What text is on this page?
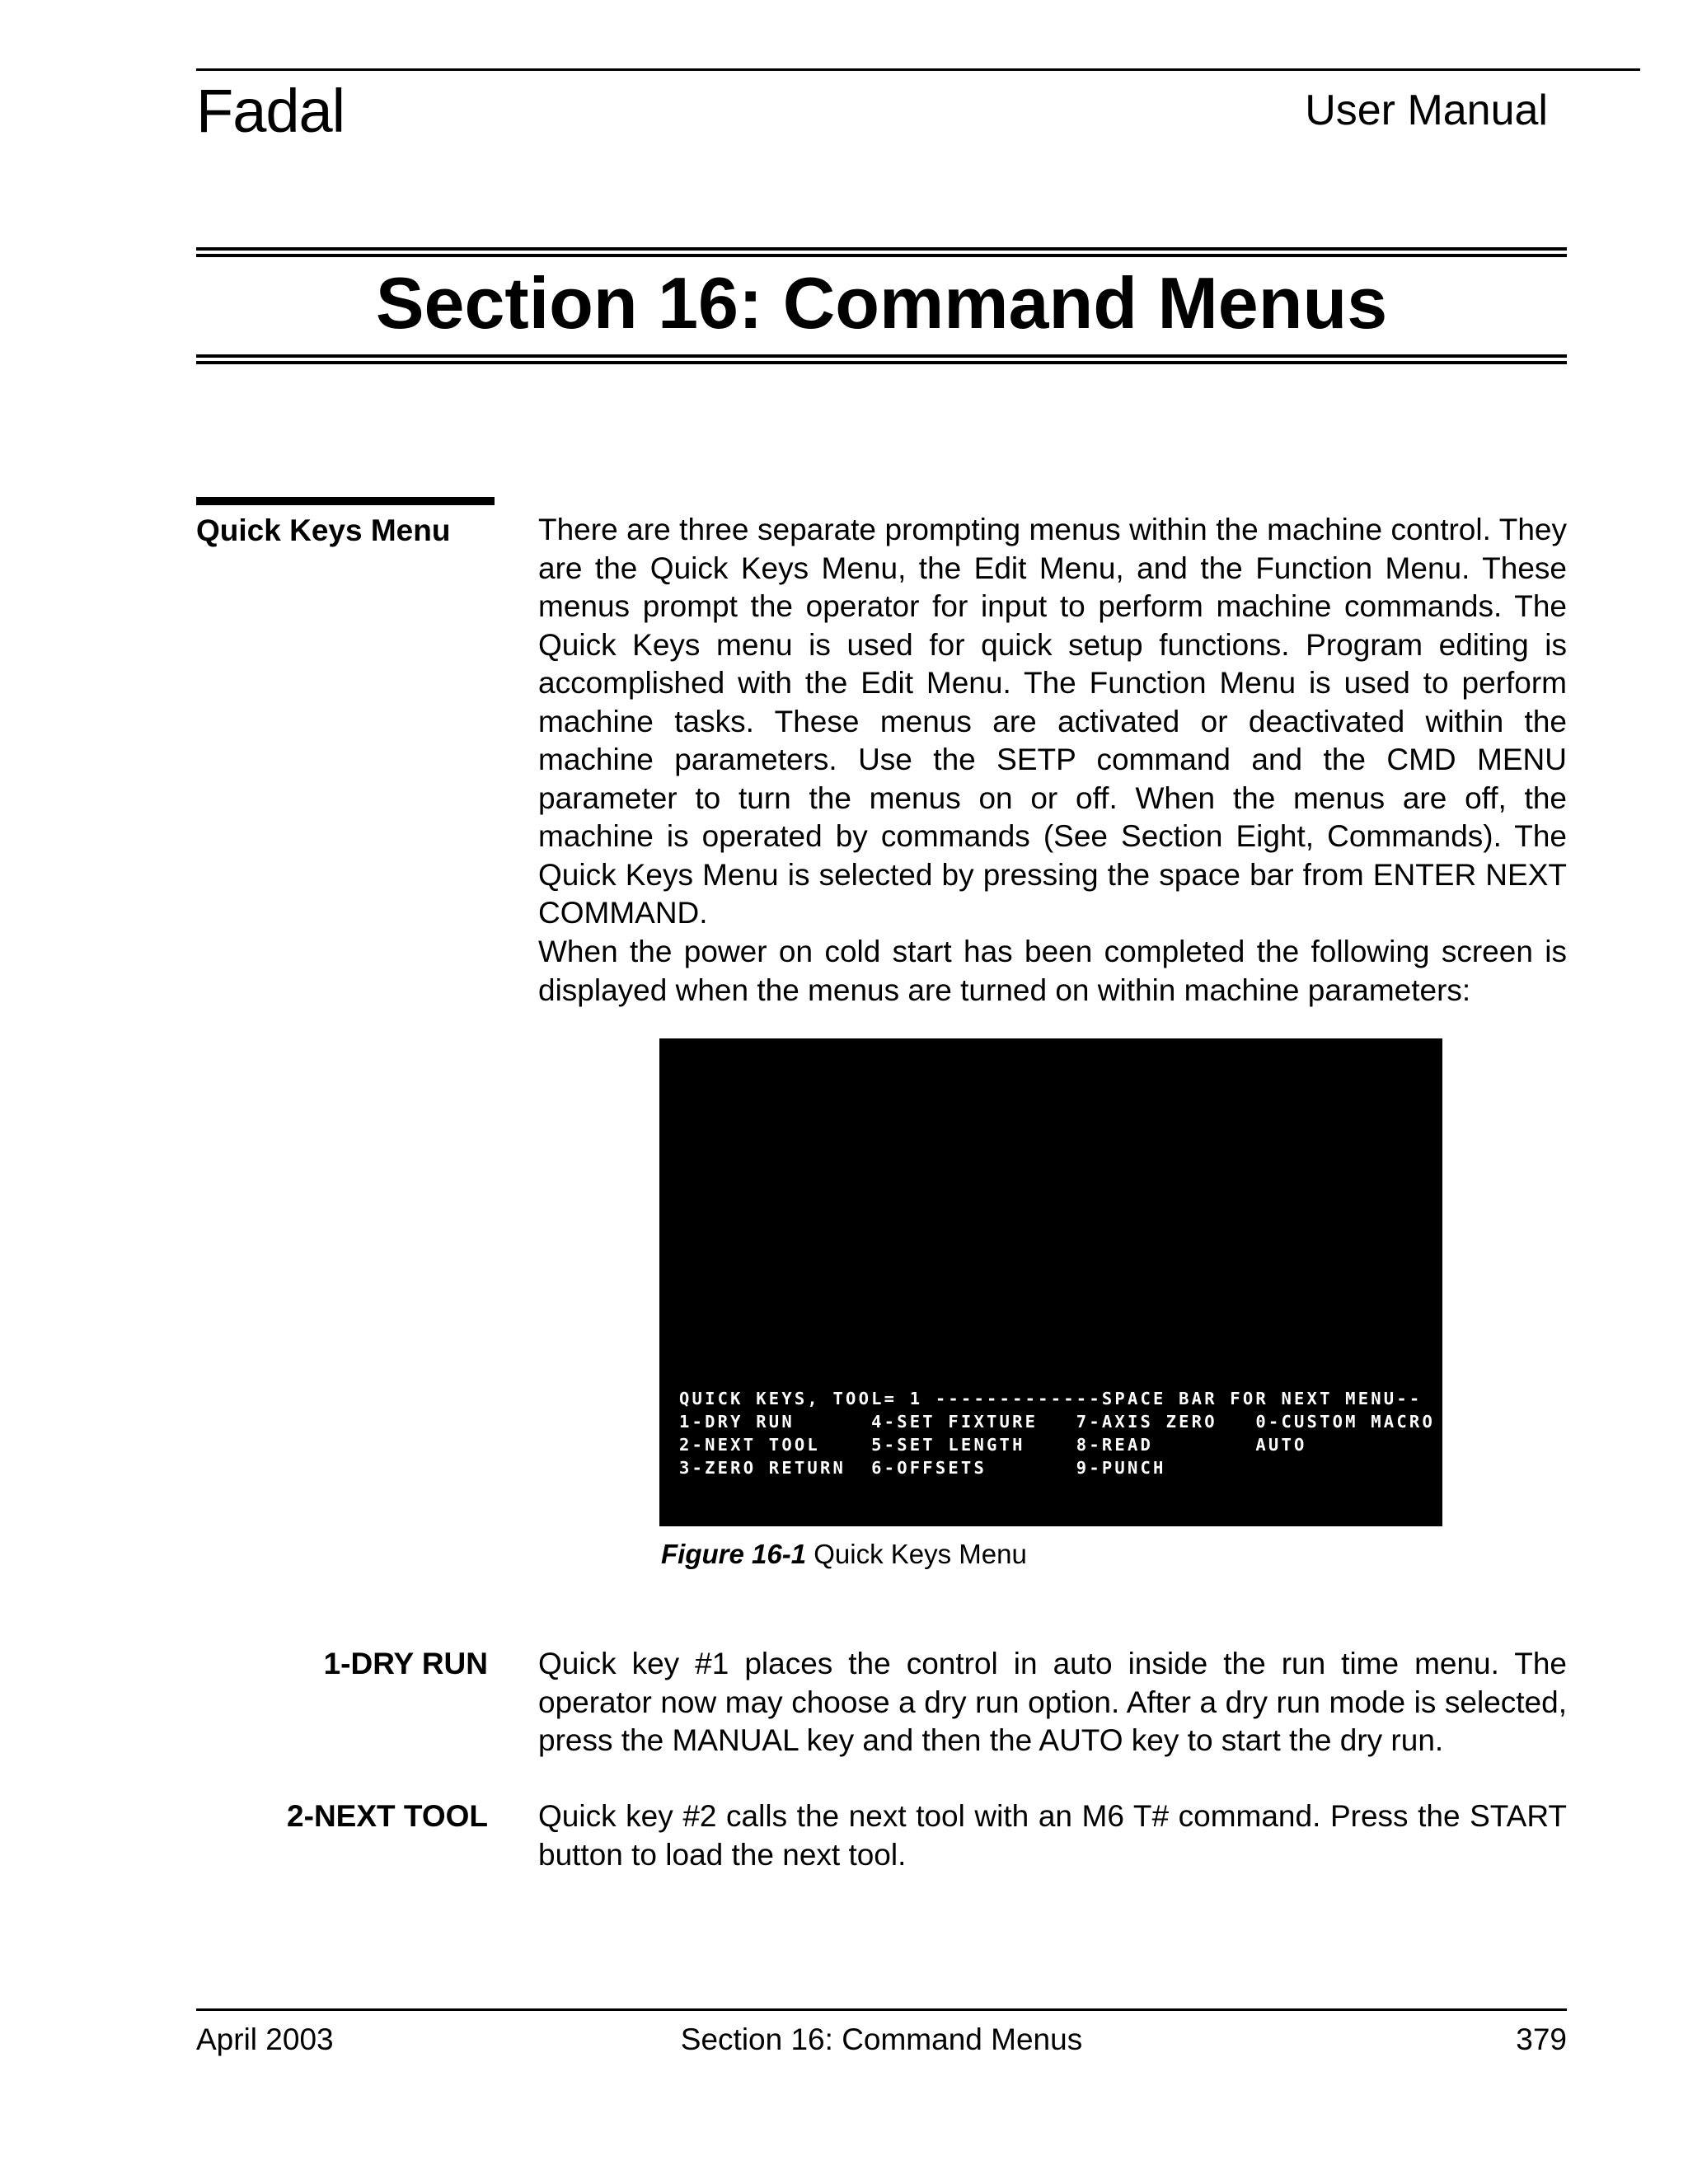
Fadal	User Manual
Section 16: Command Menus
Quick Keys Menu	There are three separate prompting menus within the machine control. They are the Quick Keys Menu, the Edit Menu, and the Function Menu. These menus prompt the operator for input to perform machine commands. The Quick Keys menu is used for quick setup functions. Program editing is accomplished with the Edit Menu. The Function Menu is used to perform machine tasks. These menus are activated or deactivated within the machine parameters. Use the SETP command and the CMD MENU parameter to turn the menus on or off. When the menus are off, the machine is operated by commands (See Section Eight, Commands). The Quick Keys Menu is selected by pressing the space bar from ENTER NEXT COMMAND.

When the power on cold start has been completed the following screen is displayed when the menus are turned on within machine parameters:

QUICK KEYS, TOOL= 1 -------------SPACE BAR FOR NEXT MENU--
1-DRY RUN      4-SET FIXTURE   7-AXIS ZERO   0-CUSTOM MACRO
2-NEXT TOOL    5-SET LENGTH    8-READ        AUTO
3-ZERO RETURN  6-OFFSETS       9-PUNCH
Figure 16-1 Quick Keys Menu
1-DRY RUN Quick key #1 places the control in auto inside the run time menu. The operator now may choose a dry run option. After a dry run mode is selected, press the MANUAL key and then the AUTO key to start the dry run.

2-NEXT TOOL Quick key #2 calls the next tool with an M6 T# command. Press the START button to load the next tool.

April 2003	Section 16: Command Menus	379
